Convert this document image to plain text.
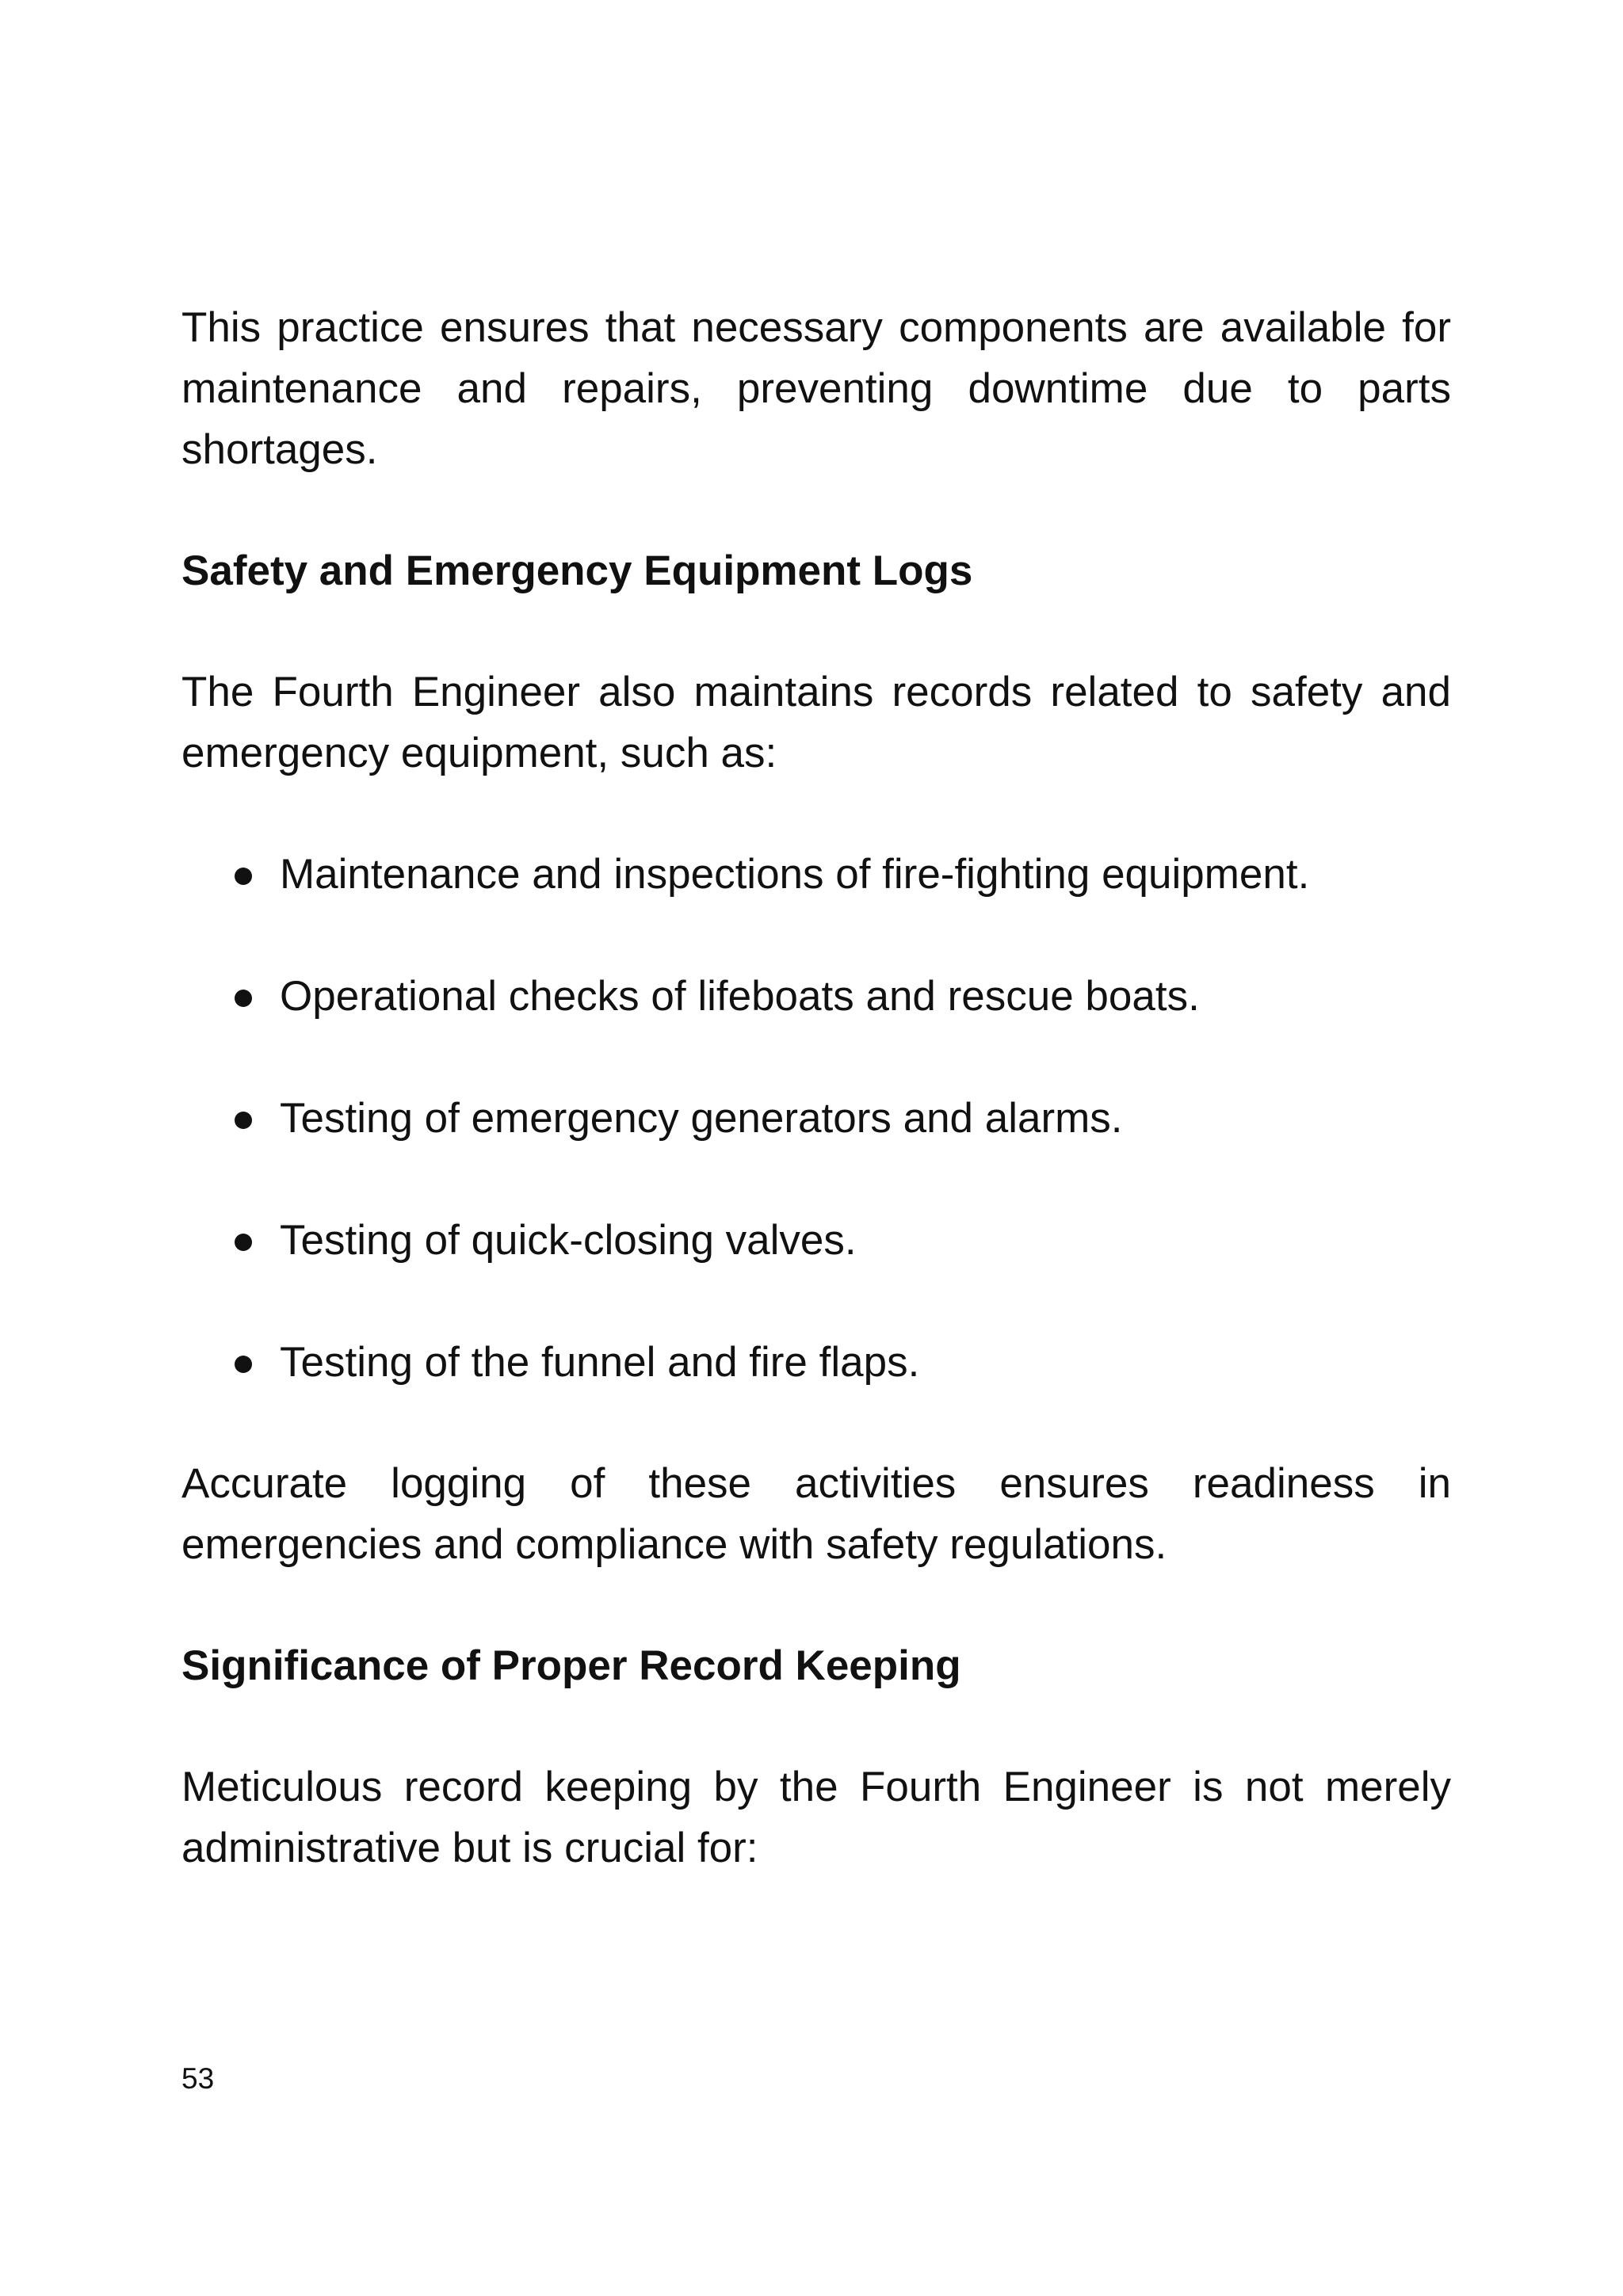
This practice ensures that necessary components are available for maintenance and repairs, preventing downtime due to parts shortages.

Safety and Emergency Equipment Logs

The Fourth Engineer also maintains records related to safety and emergency equipment, such as:

Maintenance and inspections of fire-fighting equipment.
Operational checks of lifeboats and rescue boats.
Testing of emergency generators and alarms.
Testing of quick-closing valves.
Testing of the funnel and fire flaps.

Accurate logging of these activities ensures readiness in emergencies and compliance with safety regulations.

Significance of Proper Record Keeping

Meticulous record keeping by the Fourth Engineer is not merely administrative but is crucial for:

53
